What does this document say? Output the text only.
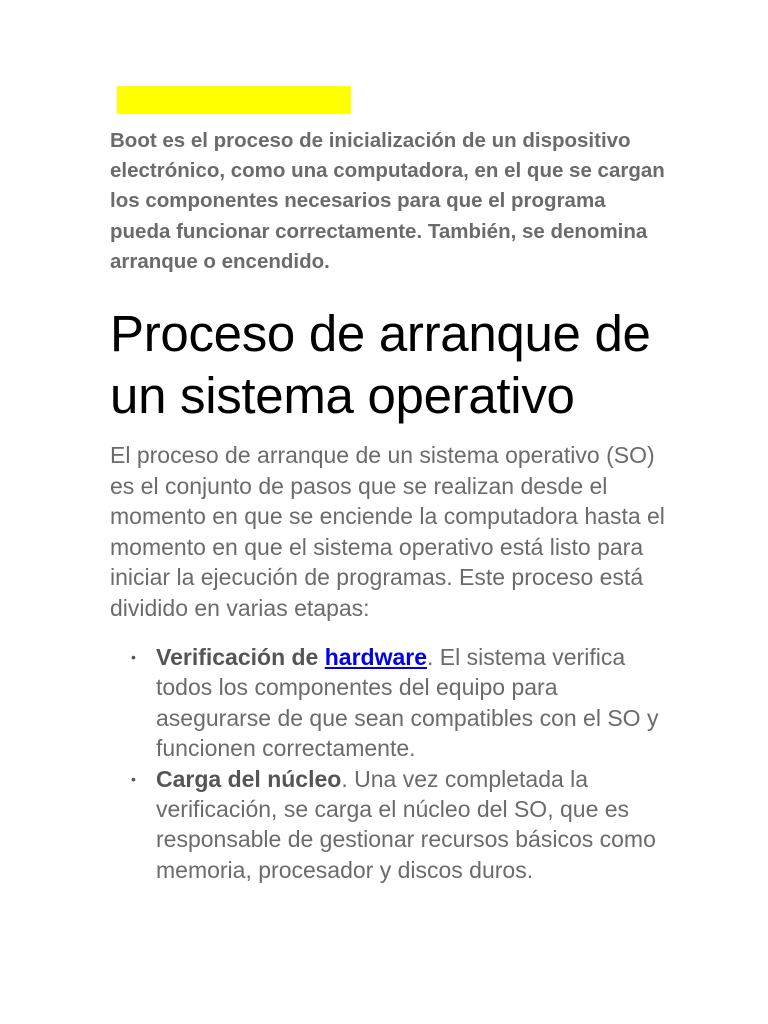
Boot es el proceso de inicialización de un dispositivo electrónico, como una computadora, en el que se cargan los componentes necesarios para que el programa pueda funcionar correctamente. También, se denomina arranque o encendido.

Proceso de arranque de un sistema operativo

El proceso de arranque de un sistema operativo (SO) es el conjunto de pasos que se realizan desde el momento en que se enciende la computadora hasta el momento en que el sistema operativo está listo para iniciar la ejecución de programas. Este proceso está dividido en varias etapas:

• Verificación de hardware. El sistema verifica todos los componentes del equipo para asegurarse de que sean compatibles con el SO y funcionen correctamente.
• Carga del núcleo. Una vez completada la verificación, se carga el núcleo del SO, que es responsable de gestionar recursos básicos como memoria, procesador y discos duros.
